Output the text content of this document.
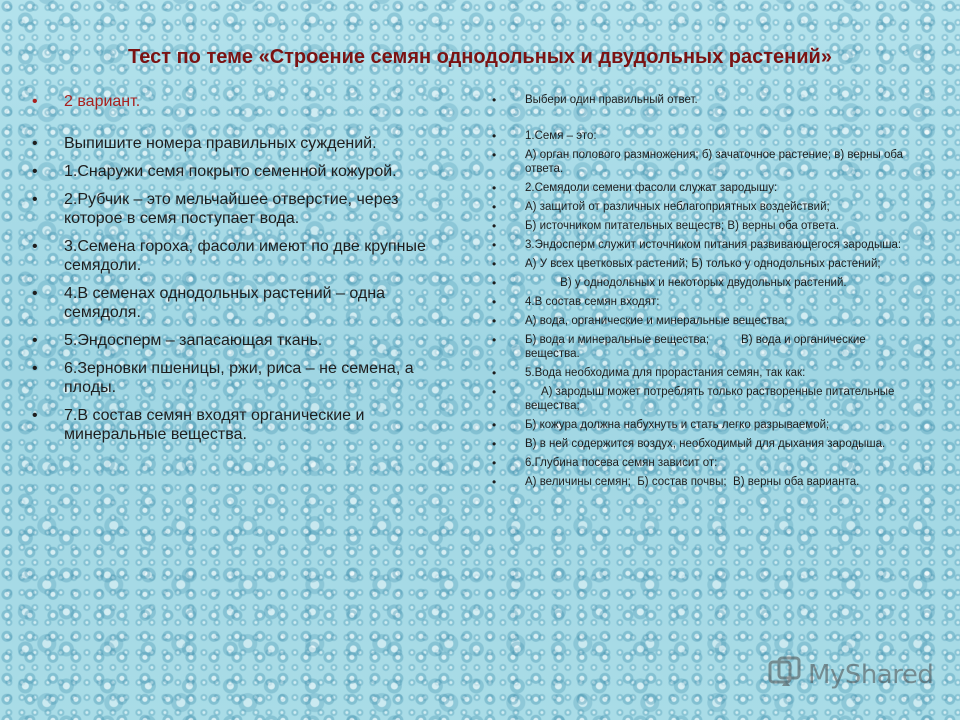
Тест по теме «Строение семян однодольных и двудольных растений»
• 2 вариант.
• Выпишите номера правильных суждений.
• 1.Снаружи семя покрыто семенной кожурой.
• 2.Рубчик – это мельчайшее отверстие, через которое в семя поступает вода.
• 3.Семена гороха, фасоли имеют по две крупные семядоли.
• 4.В семенах однодольных растений – одна семядоля.
• 5.Эндосперм – запасающая ткань.
• 6.Зерновки пшеницы, ржи, риса – не семена, а плоды.
• 7.В состав семян входят органические и минеральные вещества.
• Выбери один правильный ответ.
• 1.Семя – это:
• А) орган полового размножения; б) зачаточное растение; в) верны оба ответа.
• 2.Семядоли семени фасоли служат зародышу:
• А) защитой от различных неблагоприятных воздействий;
• Б) источником питательных веществ; В) верны оба ответа.
• 3.Эндосперм служит источником питания развивающегося зародыша:
• А) У всех цветковых растений; Б) только у однодольных растений;
•            В) у однодольных и некоторых двудольных растений.
• 4.В состав семян входят:
• А) вода, органические и минеральные вещества;
• Б) вода и минеральные вещества;          В) вода и органические вещества.
• 5.Вода необходима для прорастания семян, так как:
•      А) зародыш может потреблять только растворенные питательные вещества;
• Б) кожура должна набухнуть и стать легко разрываемой;
• В) в ней содержится воздух, необходимый для дыхания зародыша.
• 6.Глубина посева семян зависит от:
• А) величины семян;  Б) состав почвы;  В) верны оба варианта.
MyShared
